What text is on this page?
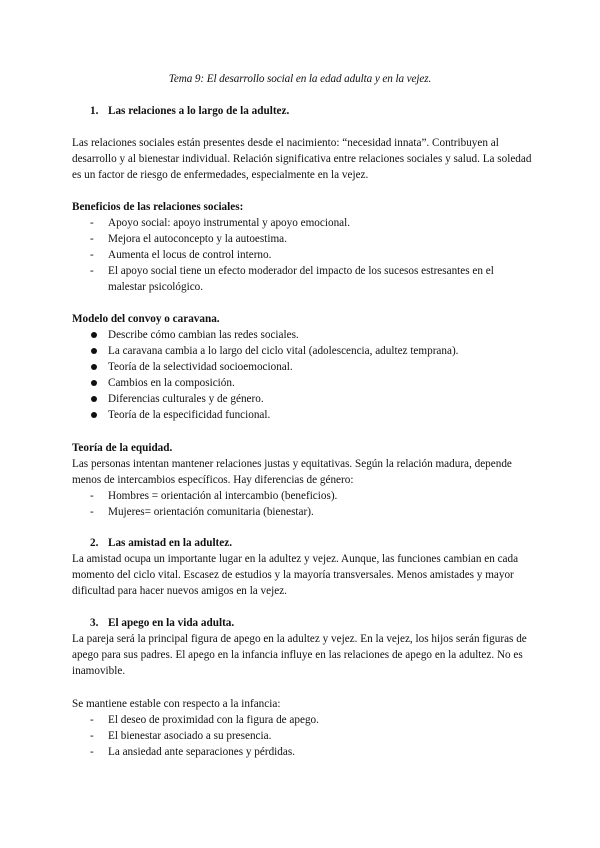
Tema 9: El desarrollo social en la edad adulta y en la vejez.
1. Las relaciones a lo largo de la adultez.

Las relaciones sociales están presentes desde el nacimiento: “necesidad innata”. Contribuyen al desarrollo y al bienestar individual. Relación significativa entre relaciones sociales y salud. La soledad es un factor de riesgo de enfermedades, especialmente en la vejez.

Beneficios de las relaciones sociales:

-	Apoyo social: apoyo instrumental y apoyo emocional.
-	Mejora el autoconcepto y la autoestima.
-	Aumenta el locus de control interno.
-	El apoyo social tiene un efecto moderador del impacto de los sucesos estresantes en el malestar psicológico.

Modelo del convoy o caravana.

Describe cómo cambian las redes sociales.
La caravana cambia a lo largo del ciclo vital (adolescencia, adultez temprana).
Teoría de la selectividad socioemocional.
Cambios en la composición.
Diferencias culturales y de género.
Teoría de la especificidad funcional.

Teoría de la equidad.

Las personas intentan mantener relaciones justas y equitativas. Según la relación madura, depende menos de intercambios específicos. Hay diferencias de género:

-	Hombres = orientación al intercambio (beneficios).
-	Mujeres= orientación comunitaria (bienestar).
2. Las amistad en la adultez.

La amistad ocupa un importante lugar en la adultez y vejez. Aunque, las funciones cambian en cada momento del ciclo vital. Escasez de estudios y la mayoría transversales. Menos amistades y mayor dificultad para hacer nuevos amigos en la vejez.

3. El apego en la vida adulta.

La pareja será la principal figura de apego en la adultez y vejez. En la vejez, los hijos serán figuras de apego para sus padres. El apego en la infancia influye en las relaciones de apego en la adultez. No es inamovible.

Se mantiene estable con respecto a la infancia:

-	El deseo de proximidad con la figura de apego.
-	El bienestar asociado a su presencia.
-	La ansiedad ante separaciones y pérdidas.
